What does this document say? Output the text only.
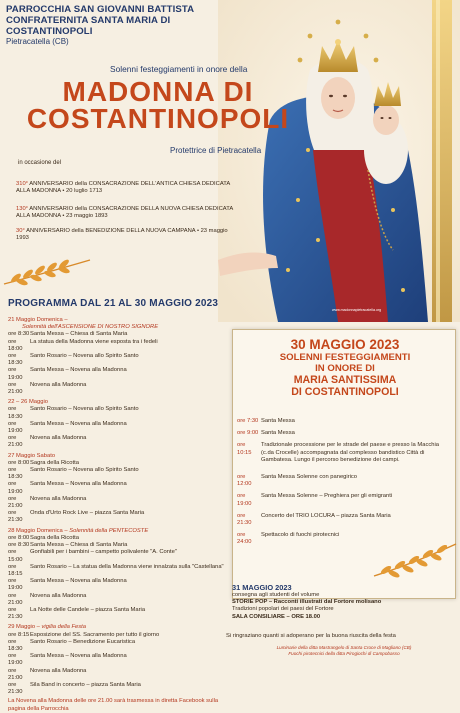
PARROCCHIA SAN GIOVANNI BATTISTA
CONFRATERNITA SANTA MARIA DI COSTANTINOPOLI
Pietracatella (CB)
Solenni festeggiamenti in onore della
MADONNA DI
COSTANTINOPOLI
Protettrice di Pietracatella
in occasione del
310° ANNIVERSARIO della CONSACRAZIONE DELL'ANTICA CHIESA DEDICATA ALLA MADONNA • 20 luglio 1713
130° ANNIVERSARIO della CONSACRAZIONE DELLA NUOVA CHIESA DEDICATA ALLA MADONNA • 23 maggio 1893
30° ANNIVERSARIO della BENEDIZIONE DELLA NUOVA CAMPANA • 23 maggio 1993
www.madonnapietracatella.org
PROGRAMMA DAL 21 AL 30 MAGGIO 2023
21 Maggio Domenica –
Solennità dell'ASCENSIONE DI NOSTRO SIGNORE
ore 8:30 Santa Messa – Chiesa di Santa Maria
ore 18:00
La statua della Madonna viene esposta tra i fedeli
ore 18:30
Santo Rosario – Novena allo Spirito Santo
ore 19:00
Santa Messa – Novena alla Madonna
ore 21:00
Novena alla Madonna
22 – 26 Maggio
ore 18:30
Santo Rosario – Novena allo Spirito Santo
ore 19:00
Santa Messa – Novena alla Madonna
ore 21:00
Novena alla Madonna
27 Maggio Sabato
ore 8:00 Sagra della Ricotta
ore 18:30
Santo Rosario – Novena allo Spirito Santo
ore 19:00
Santa Messa – Novena alla Madonna
ore 21:00
Novena alla Madonna
ore 21:30
Onda d'Urto Rock Live – piazza Santa Maria
28 Maggio Domenica – Solennità della PENTECOSTE
ore 8:00 Sagra della Ricotta
ore 8:30 Santa Messa – Chiesa di Santa Maria
ore 15:00
Gonfiabili per i bambini – campetto polivalente "A. Conte"
ore 18:15
Santo Rosario – La statua della Madonna viene innalzata sulla "Castellana"
ore 19:00
Santa Messa – Novena alla Madonna
ore 21:00
Novena alla Madonna
ore 21:30
La Notte delle Candele – piazza Santa Maria
29 Maggio – vigilia della Festa
ore 8:15 Esposizione del SS. Sacramento per tutto il giorno
ore 18:30
Santo Rosario – Benedizione Eucaristica
ore 19:00
Santa Messa – Novena alla Madonna
ore 21:00
Novena alla Madonna
ore 21:30
Sila Band in concerto – piazza Santa Maria
La Novena alla Madonna delle ore 21.00 sarà trasmessa in diretta Facebook sulla pagina della Parrocchia
30 MAGGIO 2023
SOLENNI FESTEGGIAMENTI
IN ONORE DI
MARIA SANTISSIMA
DI COSTANTINOPOLI
ore 7:30 Santa Messa
ore 9:00 Santa Messa
ore 10:15
Tradizionale processione per le strade del paese e presso la Macchia (c.da Crocelle) accompagnata dal complesso bandistico Città di Gambatesa. Lungo il percorso benedizione dei campi.
ore 12:00
Santa Messa Solenne con panegirico
ore 19:00
Santa Messa Solenne – Preghiera per gli emigranti
ore 21:30
Concerto del TRIO LOCURA – piazza Santa Maria
ore 24:00
Spettacolo di fuochi pirotecnici
31 MAGGIO 2023
consegna agli studenti del volume
STORIE POP – Racconti illustrati dal Fortore molisano
Tradizioni popolari dei paesi del Fortore
SALA CONSILIARE – ORE 18.00
Si ringraziano quanti si adoperano per la buona riuscita della festa
Luminarie della ditta Mastrangelo di Santa Croce di Magliano (CB)
Fuochi pirotecnici della ditta Pirogiochi di Campobasso
